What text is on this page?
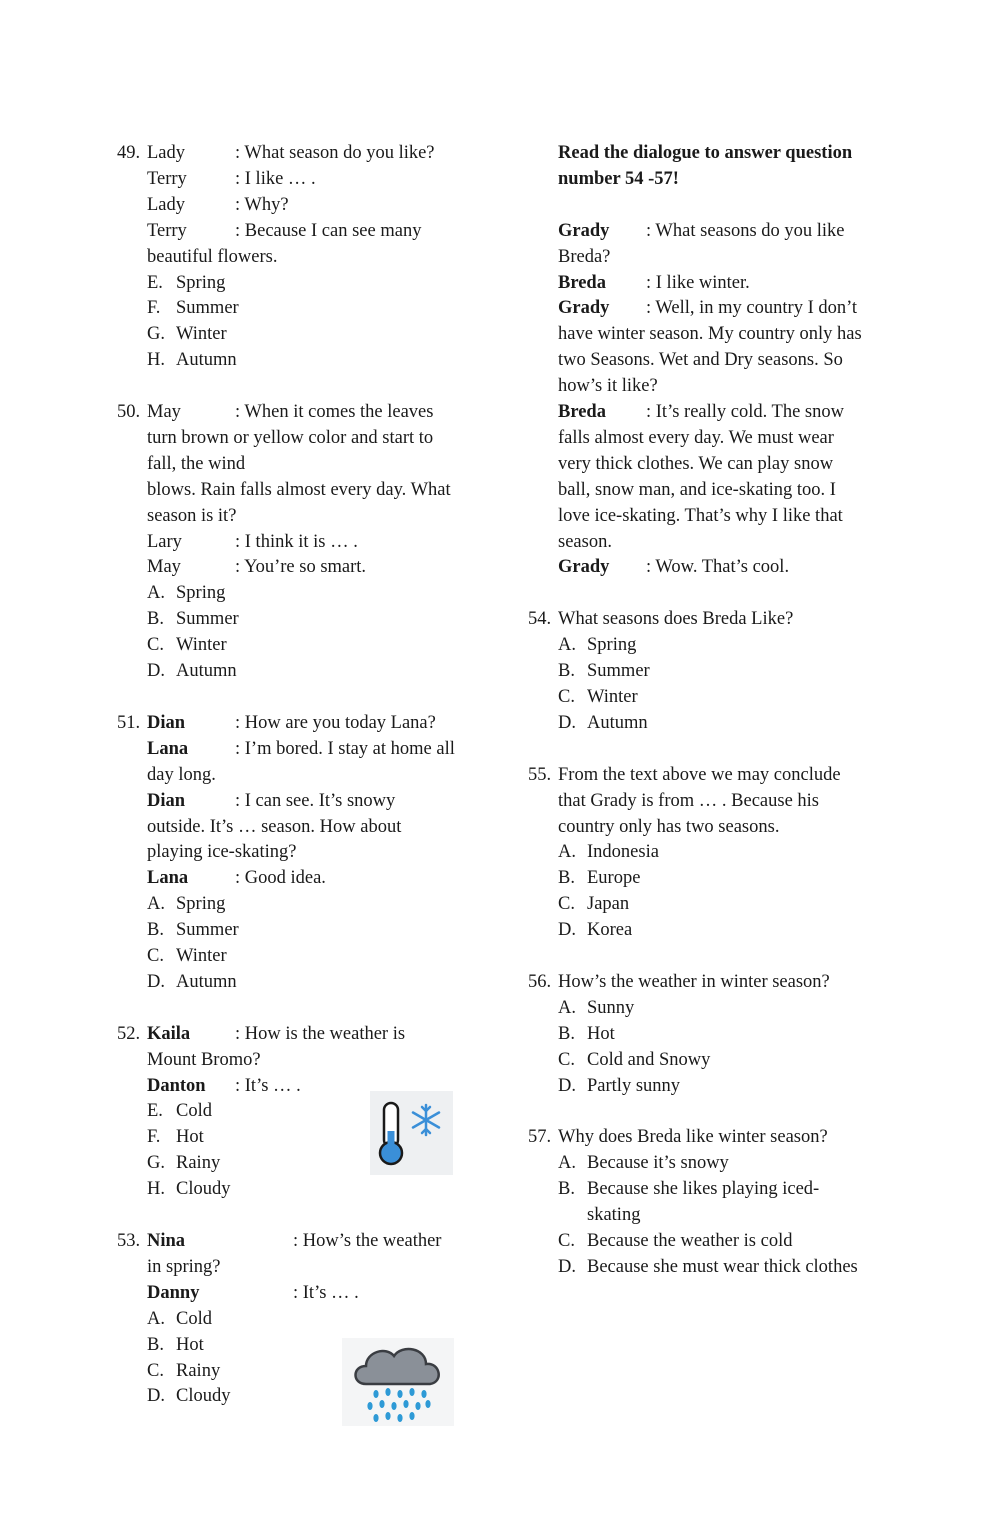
49. Lady	: What season do you like?
Terry	: I like … .
Lady	: Why?
Terry	: Because I can see many
beautiful flowers.
E. Spring
F. Summer
G. Winter
H. Autumn
50. May	: When it comes the leaves
turn brown or yellow color and start to
fall, the wind
blows. Rain falls almost every day. What
season is it?
Lary	: I think it is … .
May	: You’re so smart.
A. Spring
B. Summer
C. Winter
D. Autumn
51. Dian	: How are you today Lana?
Lana	: I’m bored. I stay at home all
day long.
Dian	: I can see. It’s snowy
outside. It’s … season. How about
playing ice-skating?
Lana	: Good idea.
A. Spring
B. Summer
C. Winter
D. Autumn
52. Kaila : How is the weather is
Mount Bromo?
Danton : It’s … .
E. Cold
F. Hot
G. Rainy
H. Cloudy
53. Nina	: How’s the weather
in spring?
Danny	: It’s … .
A. Cold
B. Hot
C. Rainy
D. Cloudy
Read the dialogue to answer question
number 54 -57!
Grady : What seasons do you like
Breda?
Breda : I like winter.
Grady : Well, in my country I don’t
have winter season. My country only has
two Seasons. Wet and Dry seasons. So
how’s it like?
Breda : It’s really cold. The snow
falls almost every day. We must wear
very thick clothes. We can play snow
ball, snow man, and ice-skating too. I
love ice-skating. That’s why I like that
season.
Grady : Wow. That’s cool.
54. What seasons does Breda Like?
A. Spring
B. Summer
C. Winter
D. Autumn
55. From the text above we may conclude
that Grady is from … . Because his
country only has two seasons.
A. Indonesia
B. Europe
C. Japan
D. Korea
56. How’s the weather in winter season?
A. Sunny
B. Hot
C. Cold and Snowy
D. Partly sunny
57. Why does Breda like winter season?
A. Because it’s snowy
B. Because she likes playing iced-skating
C. Because the weather is cold
D. Because she must wear thick clothes
